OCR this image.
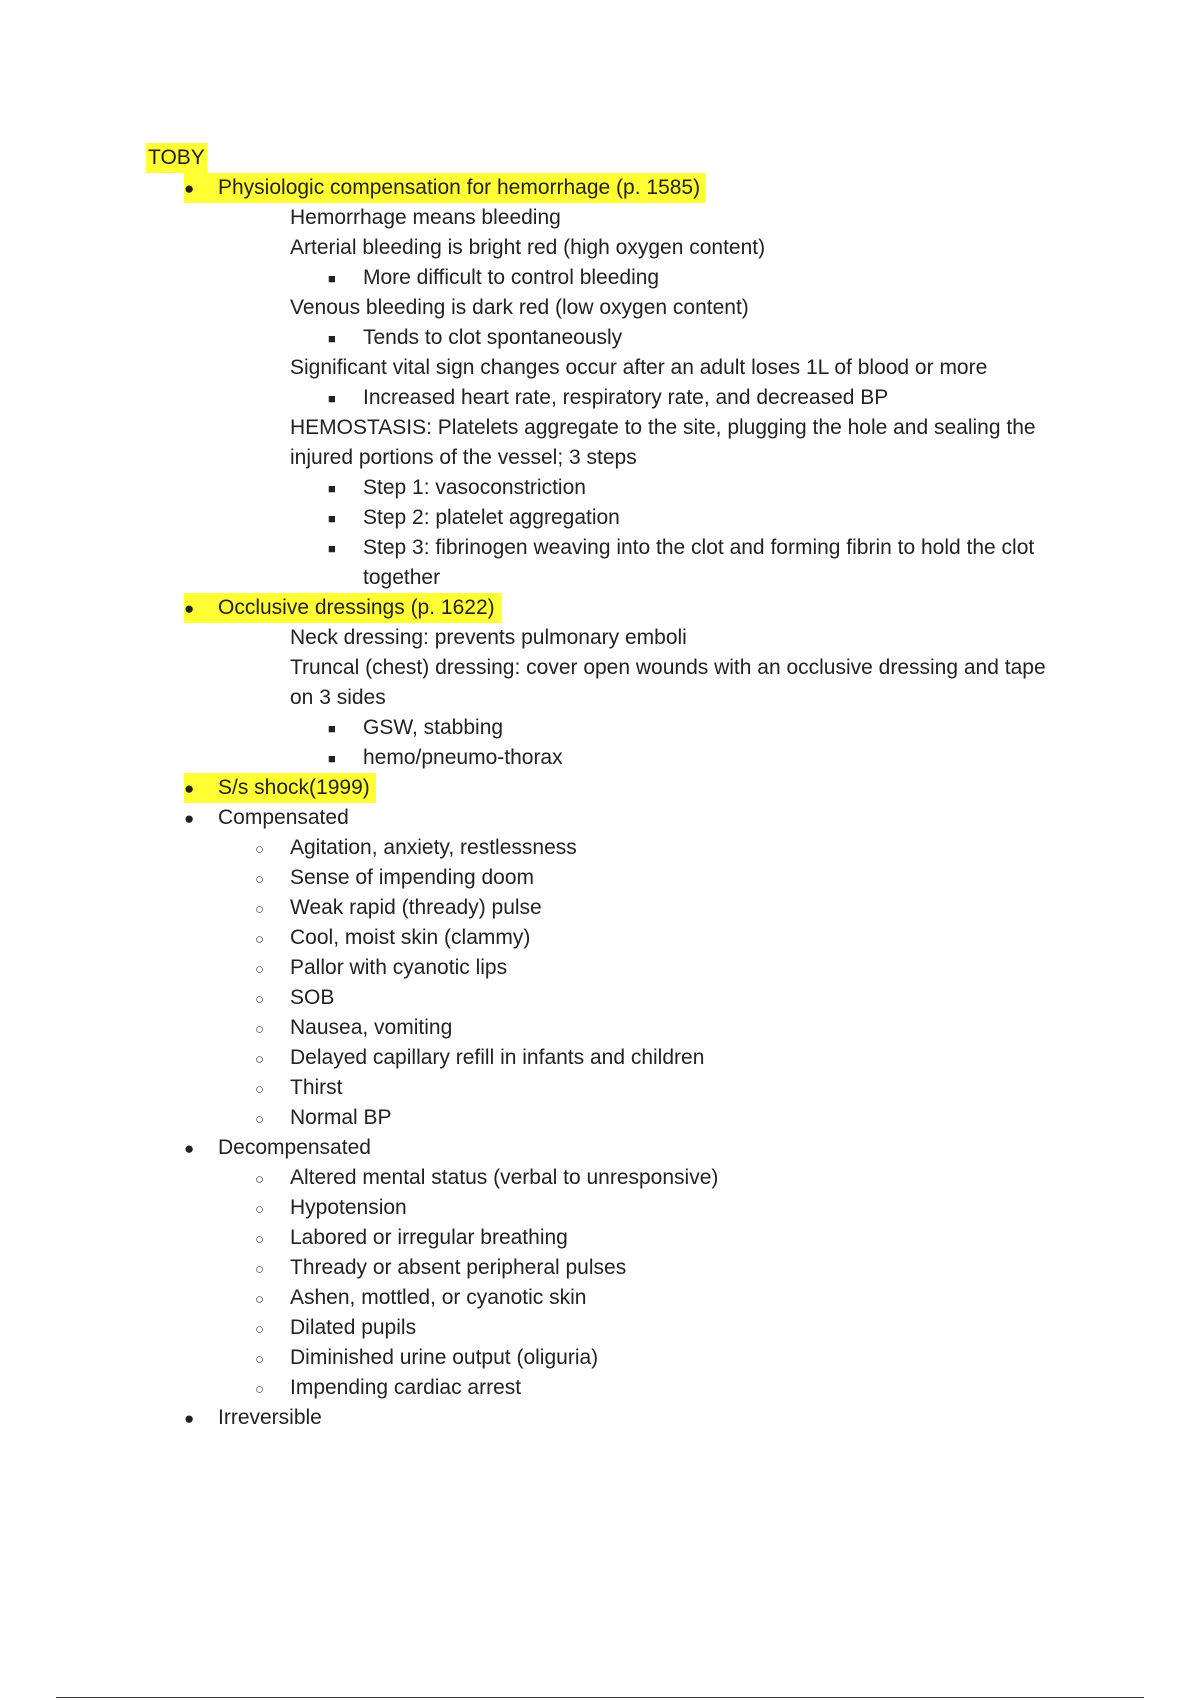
TOBY
● Physiologic compensation for hemorrhage (p. 1585)
Hemorrhage means bleeding
Arterial bleeding is bright red (high oxygen content)
■ More difficult to control bleeding
Venous bleeding is dark red (low oxygen content)
■ Tends to clot spontaneously
Significant vital sign changes occur after an adult loses 1L of blood or more
■ Increased heart rate, respiratory rate, and decreased BP
HEMOSTASIS: Platelets aggregate to the site, plugging the hole and sealing the
injured portions of the vessel; 3 steps
■ Step 1: vasoconstriction
■ Step 2: platelet aggregation
■ Step 3: fibrinogen weaving into the clot and forming fibrin to hold the clot
together
● Occlusive dressings (p. 1622)
Neck dressing: prevents pulmonary emboli
Truncal (chest) dressing: cover open wounds with an occlusive dressing and tape
on 3 sides
■ GSW, stabbing
■ hemo/pneumo-thorax
● S/s shock(1999)
● Compensated
○ Agitation, anxiety, restlessness
○ Sense of impending doom
○ Weak rapid (thready) pulse
○ Cool, moist skin (clammy)
○ Pallor with cyanotic lips
○ SOB
○ Nausea, vomiting
○ Delayed capillary refill in infants and children
○ Thirst
○ Normal BP
● Decompensated
○ Altered mental status (verbal to unresponsive)
○ Hypotension
○ Labored or irregular breathing
○ Thready or absent peripheral pulses
○ Ashen, mottled, or cyanotic skin
○ Dilated pupils
○ Diminished urine output (oliguria)
○ Impending cardiac arrest
● Irreversible
